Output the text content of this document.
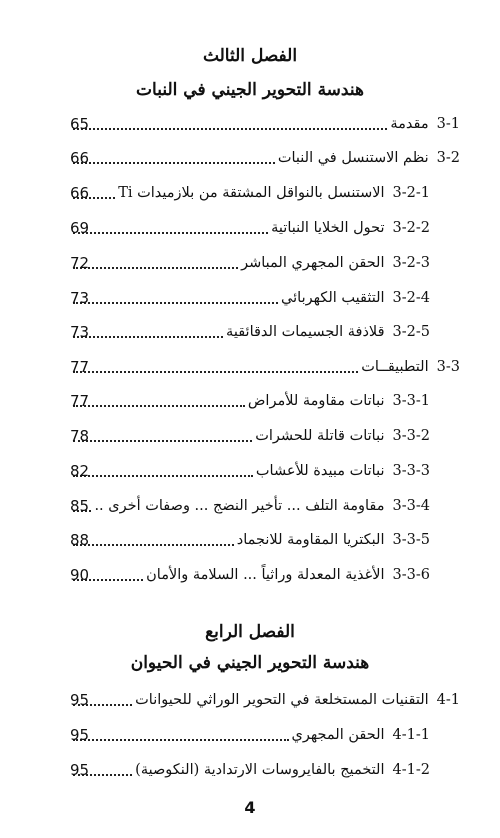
الفصل الثالث
هندسة التحوير الجيني في النبات
3-1
مقدمة
65
3-2
نظم الاستنسل في النبات
66
3-2-1
الاستنسل بالنواقل المشتقة من بلازميدات Ti
66
3-2-2
تحول الخلايا النباتية
69
3-2-3
الحقن المجهري المباشر
72
3-2-4
التثقيب الكهربائي
73
3-2-5
قلاذفة الجسيمات الدقائقية
73
3-3
التطبيقــات
77
3-3-1
نباتات مقاومة للأمراض
77
3-3-2
نباتات قاتلة للحشرات
78
3-3-3
نباتات مبيدة للأعشاب
82
3-3-4
مقاومة التلف ... تأخير النضج ... وصفات أخرى ..
85
3-3-5
البكتريا المقاومة للانجماد
88
3-3-6
الأغذية المعدلة وراثياً ... السلامة والأمان
90
الفصل الرابع
هندسة التحوير الجيني في الحيوان
4-1
التقنيات المستخلعة في التحوير الوراثي للحيوانات
95
4-1-1
الحقن المجهري
95
4-1-2
التخميج بالفايروسات الارتدادية (النكوصية)
95
4
